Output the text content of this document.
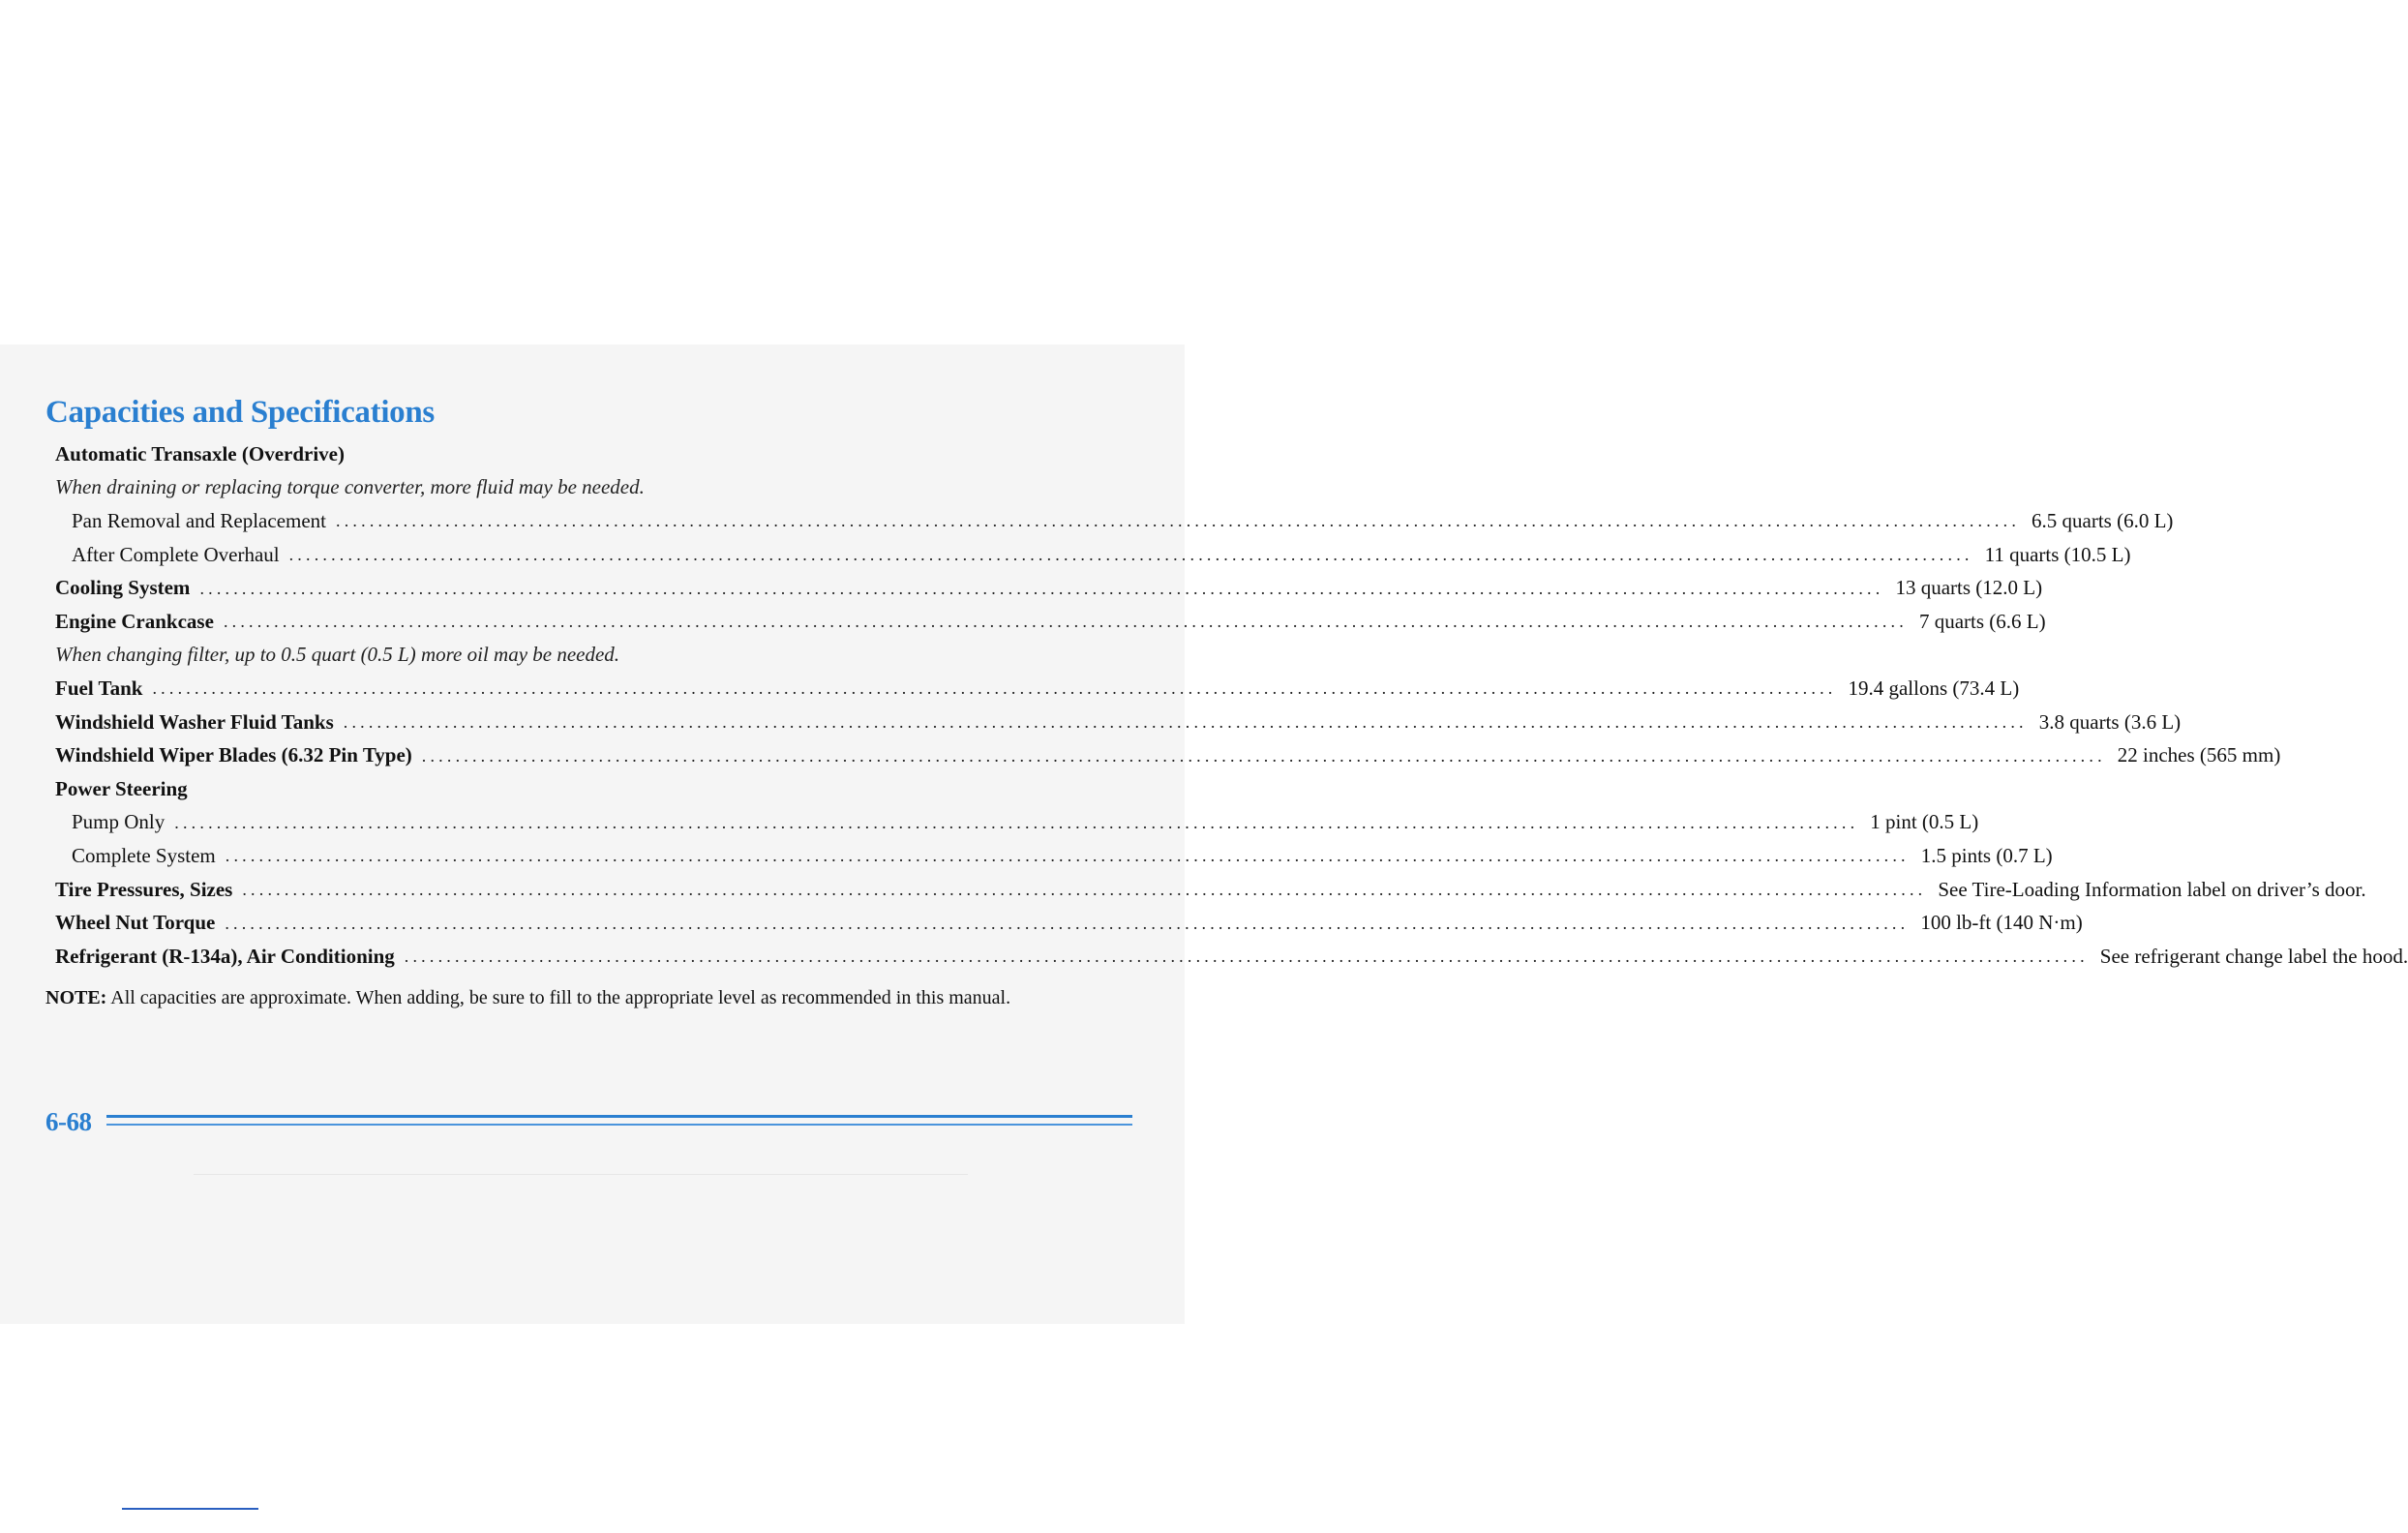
Capacities and Specifications
Automatic Transaxle (Overdrive)
When draining or replacing torque converter, more fluid may be needed.
Pan Removal and Replacement ........................................................................................................................................................................................................ 6.5 quarts (6.0 L)
After Complete Overhaul ........................................................................................................................................................................................................ 11 quarts (10.5 L)
Cooling System ........................................................................................................................................................................................................ 13 quarts (12.0 L)
Engine Crankcase ........................................................................................................................................................................................................ 7 quarts (6.6 L)
When changing filter, up to 0.5 quart (0.5 L) more oil may be needed.
Fuel Tank ........................................................................................................................................................................................................ 19.4 gallons (73.4 L)
Windshield Washer Fluid Tanks ........................................................................................................................................................................................................ 3.8 quarts (3.6 L)
Windshield Wiper Blades (6.32 Pin Type) ........................................................................................................................................................................................................ 22 inches (565 mm)
Power Steering
Pump Only ........................................................................................................................................................................................................ 1 pint (0.5 L)
Complete System ........................................................................................................................................................................................................ 1.5 pints (0.7 L)
Tire Pressures, Sizes ........................................................................................................................................................................................................ See Tire-Loading Information label on driver’s door.
Wheel Nut Torque ........................................................................................................................................................................................................ 100 lb-ft (140 N·m)
Refrigerant (R-134a), Air Conditioning ........................................................................................................................................................................................................ See refrigerant change label the hood.
NOTE: All capacities are approximate. When adding, be sure to fill to the appropriate level as recommended in this manual.
6-68
